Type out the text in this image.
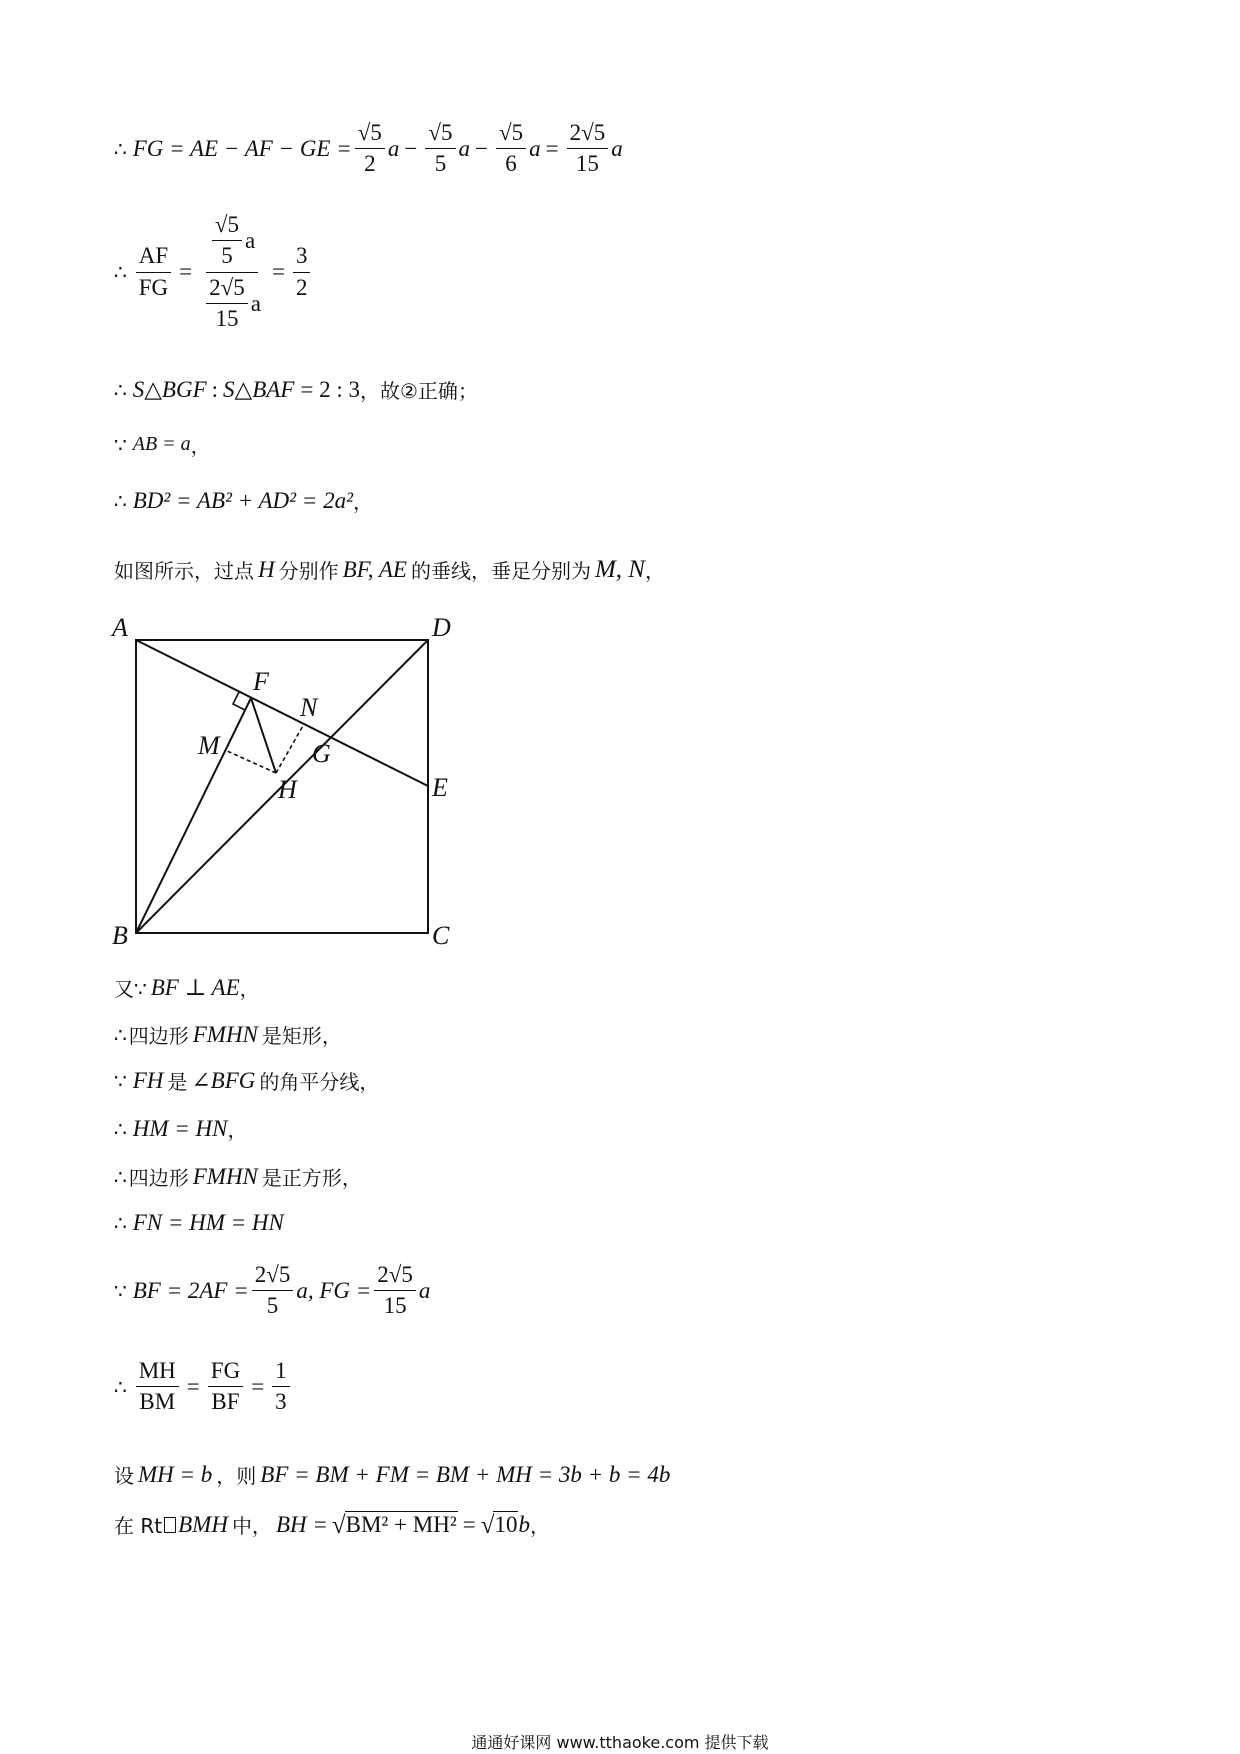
∴ FG = AE − AF − GE = $\frac{√5}{2}$ $a - \frac{√5}{5}$ $a - \frac{√5}{6}$ $a = \frac{2√5}{15}$ a
∴ $\frac{AF}{FG} = \frac{\frac{√5}{5} a}{\frac{2√5}{15} a} = \frac{3}{2}$
∴ S △BGF : S △BAF = 2 : 3 ，故②正确；
∵ AB = a ，
∴ BD² = AB² + AD² = 2a² ，
如图所示，过点 H 分别作 BF, AE 的垂线，垂足分别为 M, N ，
A	D
F
N
M	G
H	E
B	C
又∵ BF ⊥ AE ，
∴ 四边形 FMHN 是矩形，
∵ FH 是 ∠BFG 的角平分线，
∴ HM = HN ，
∴ 四边形 FMHN 是正方形，
∴ FN = HM = HN
∵ BF = $2AF = \frac{2√5}{5} a$, FG = $\frac{2√5}{15}$ a
∴ $\frac{MH}{BM} = \frac{FG}{BF} = \frac{1}{3}$
设 MH = b ，则 BF = BM + FM = BM + MH = 3b + b = 4b
在 Rt BMH 中， BH = √ BM² + MH² = √ 10 b ，
通通好课网 www.tthaoke.com 提供下载
